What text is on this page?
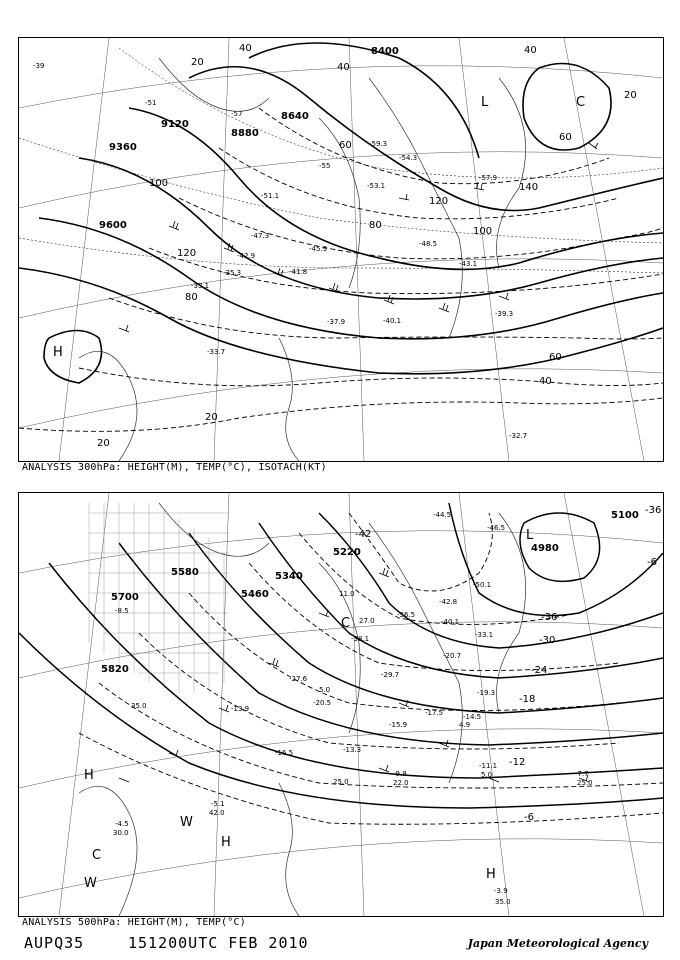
8400
8640
8880
9120
9360
9600
40
20	40
60
100
120
80
60
40
20
20
140
120
100
80
60
40
20
-39
-51
-57
-59.3
-55
-54.3
-53.1
-51.1
-57.9
-47.3
-45.9
-42.9
-41.8
-35.3
-33.1
-37.9
-33.7
-40.1
-39.3
-32.7
-43.1
-48.5
L	C
H
ANALYSIS 300hPa: HEIGHT(M), TEMP(°C), ISOTACH(KT)
5100
4980
5220
5340
5460
5580
5700
5820
-42
-36
-30
-24
-18
-12
-6
-36
-6
-44.5
-46.5
-50.1
-42.8
-40.1
-36.5
-38.1	-33.1
-29.7
-27.6
-20.7
-19.3
-17.5	-14.5
-15.9
-13.3
-11.1
-9.9	-7.7
-5.1
-4.5
-3.9
-8.5
-13.9
-16.5
-20.5
35.0
25.0	22.0
5.0
25.0
42.0
30.0
11.0
27.0
4.9
5.0
35.0
L
C
H
W
H
C
W
H
ANALYSIS 500hPa: HEIGHT(M), TEMP(°C)
AUPQ35	151200UTC FEB 2010	Japan Meteorological Agency
